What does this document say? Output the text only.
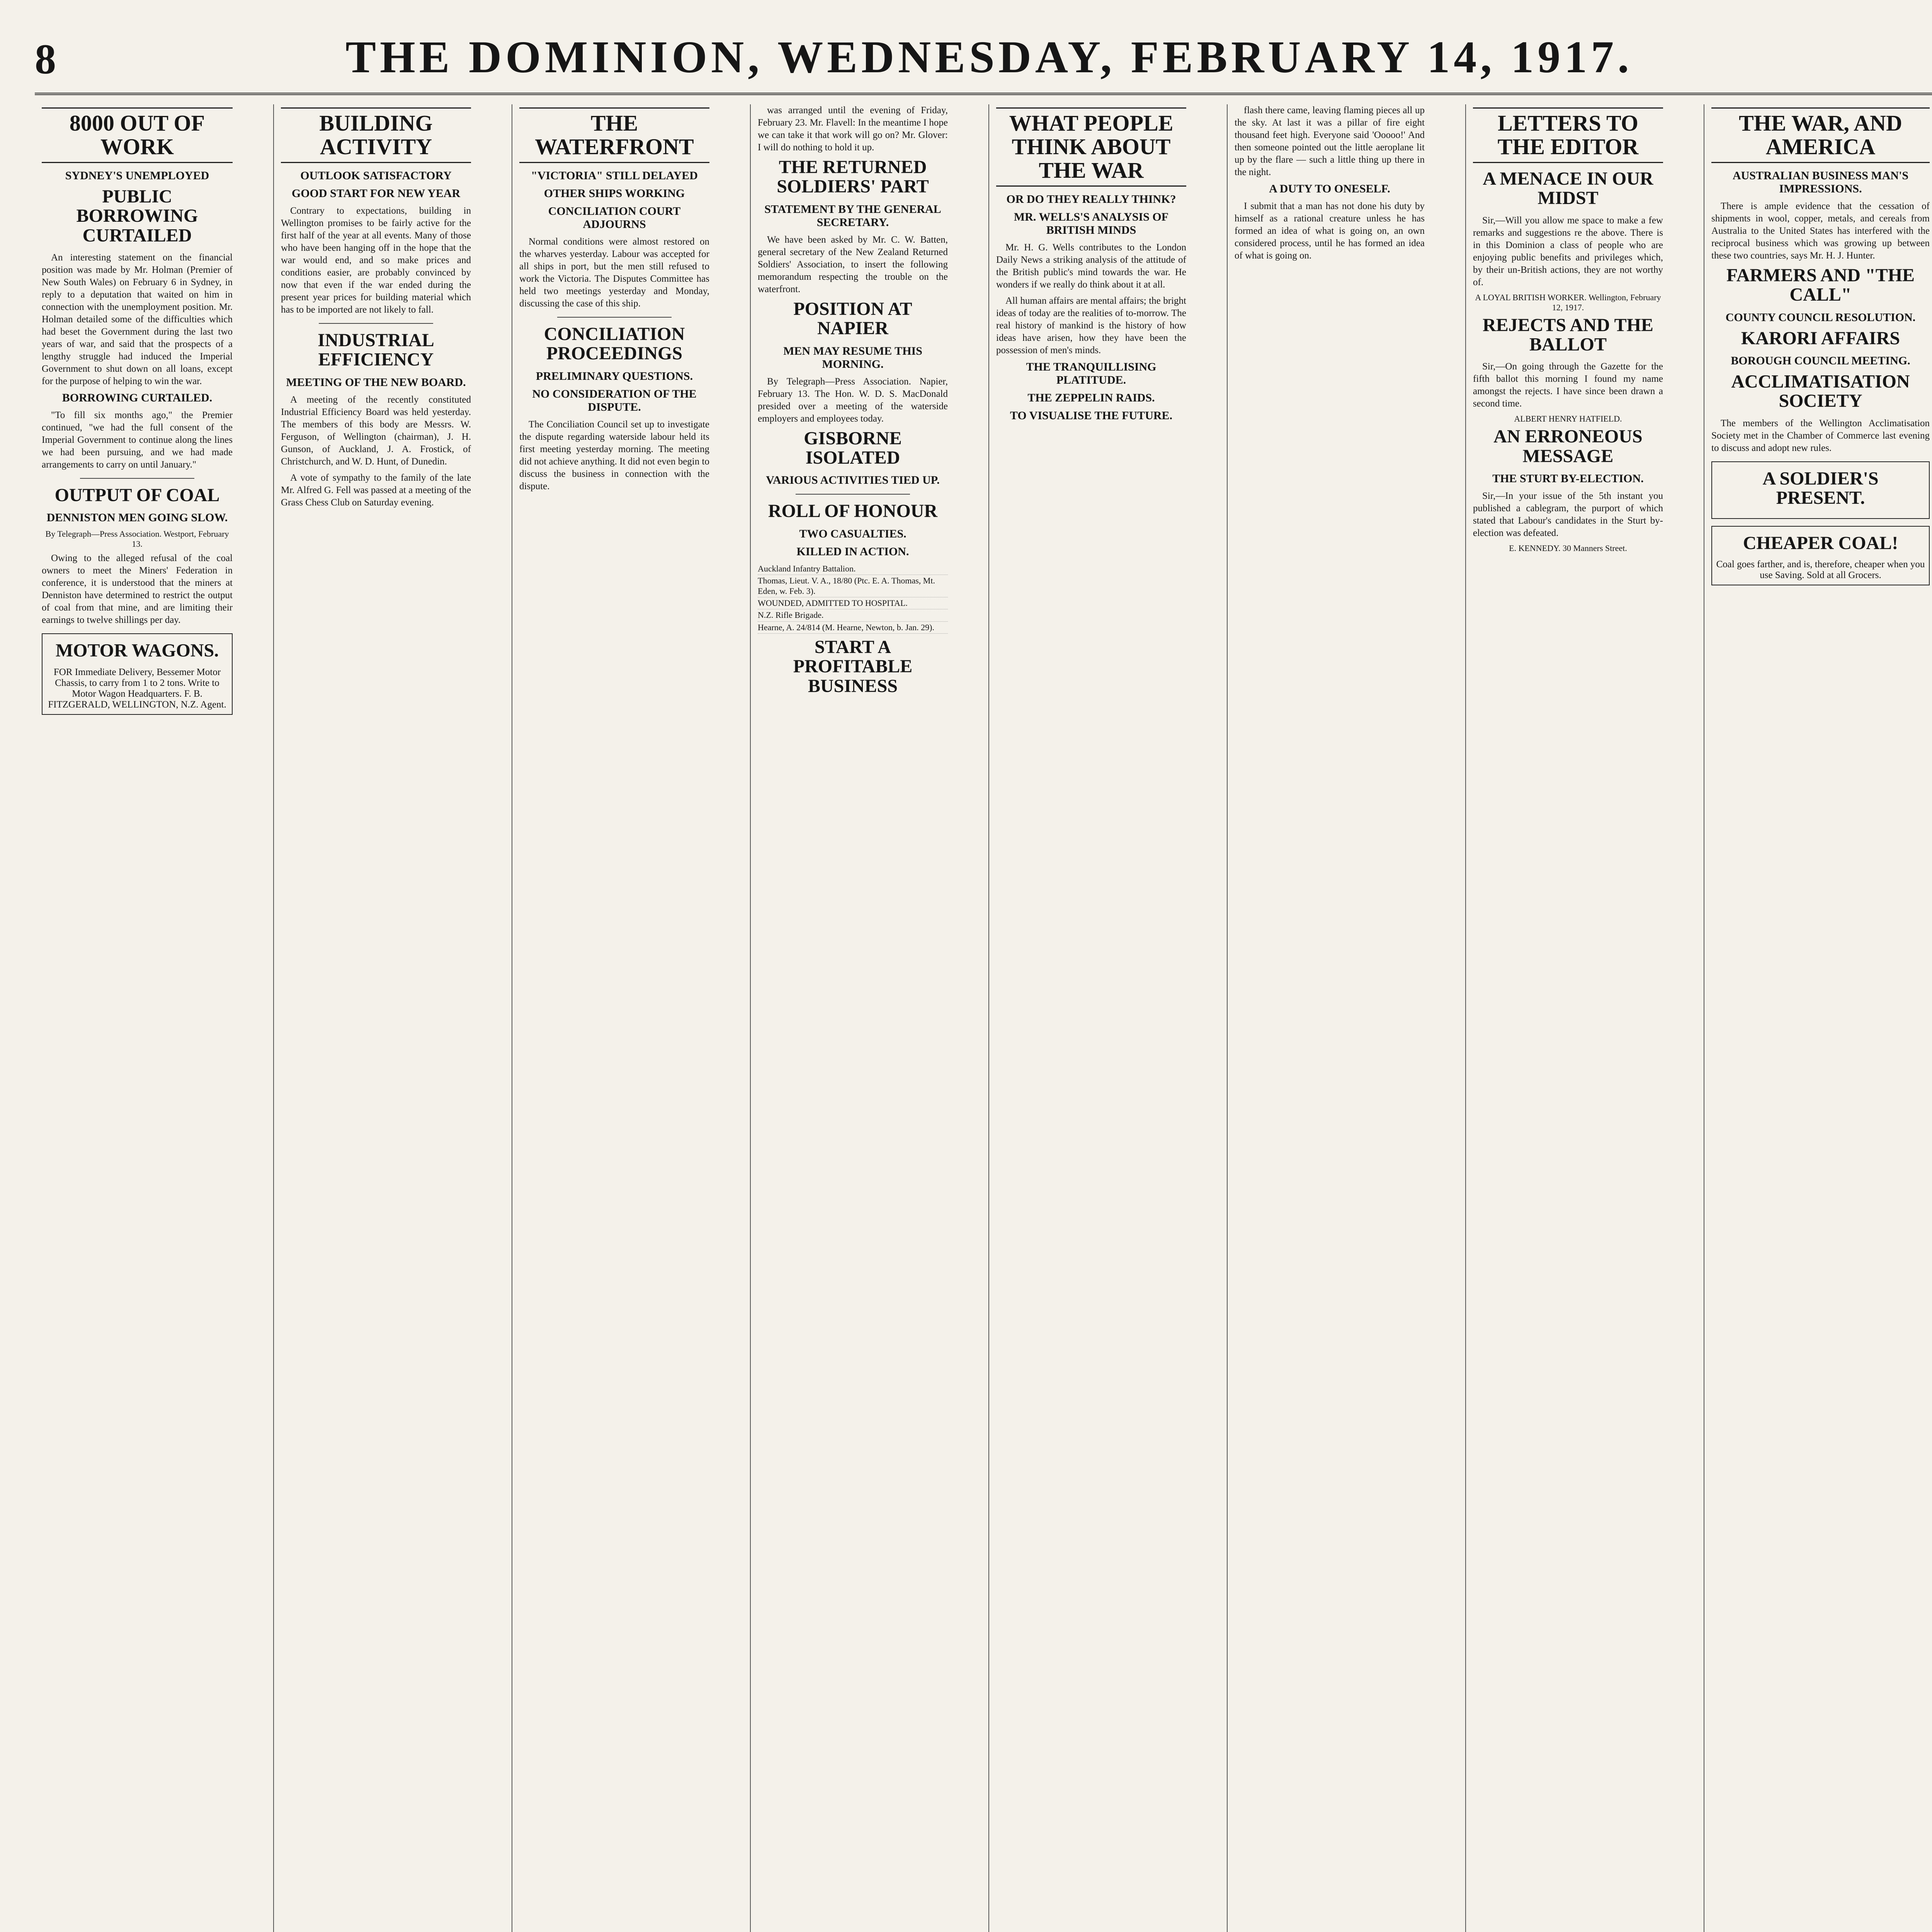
8	THE DOMINION, WEDNESDAY, FEBRUARY 14, 1917.
8000 OUT OF WORK
SYDNEY'S UNEMPLOYED
PUBLIC BORROWING CURTAILED

An interesting statement on the financial position was made by Mr. Holman (Premier of New South Wales) on February 6 in Sydney, in reply to a deputation that waited on him in connection with the unemployment position. Mr. Holman detailed some of the difficulties which had beset the Government during the last two years of war, and said that the prospects of a lengthy struggle had induced the Imperial Government to shut down on all loans, except for the purpose of helping to win the war.

BORROWING CURTAILED.

"To fill six months ago," the Premier continued, "we had the full consent of the Imperial Government to continue along the lines we had been pursuing, and we had made arrangements to carry on until January."

OUTPUT OF COAL
DENNISTON MEN GOING SLOW.
By Telegraph—Press Association. Westport, February 13.

Owing to the alleged refusal of the coal owners to meet the Miners' Federation in conference, it is understood that the miners at Denniston have determined to restrict the output of coal from that mine, and are limiting their earnings to twelve shillings per day.

MOTOR WAGONS.
FOR Immediate Delivery, Bessemer Motor Chassis, to carry from 1 to 2 tons. Write to Motor Wagon Headquarters. F. B. FITZGERALD, WELLINGTON, N.Z. Agent.
BUILDING ACTIVITY
OUTLOOK SATISFACTORY
GOOD START FOR NEW YEAR

Contrary to expectations, building in Wellington promises to be fairly active for the first half of the year at all events. Many of those who have been hanging off in the hope that the war would end, and so make prices and conditions easier, are probably convinced by now that even if the war ended during the present year prices for building material which has to be imported are not likely to fall.

INDUSTRIAL EFFICIENCY
MEETING OF THE NEW BOARD.

A meeting of the recently constituted Industrial Efficiency Board was held yesterday. The members of this body are Messrs. W. Ferguson, of Wellington (chairman), J. H. Gunson, of Auckland, J. A. Frostick, of Christchurch, and W. D. Hunt, of Dunedin.

A vote of sympathy to the family of the late Mr. Alfred G. Fell was passed at a meeting of the Grass Chess Club on Saturday evening.

THE WATERFRONT
"VICTORIA" STILL DELAYED
OTHER SHIPS WORKING
CONCILIATION COURT ADJOURNS

Normal conditions were almost restored on the wharves yesterday. Labour was accepted for all ships in port, but the men still refused to work the Victoria. The Disputes Committee has held two meetings yesterday and Monday, discussing the case of this ship.

CONCILIATION PROCEEDINGS
PRELIMINARY QUESTIONS.
NO CONSIDERATION OF THE DISPUTE.

The Conciliation Council set up to investigate the dispute regarding waterside labour held its first meeting yesterday morning. The meeting did not achieve anything. It did not even begin to discuss the business in connection with the dispute.

was arranged until the evening of Friday, February 23. Mr. Flavell: In the meantime I hope we can take it that work will go on? Mr. Glover: I will do nothing to hold it up.

THE RETURNED SOLDIERS' PART
STATEMENT BY THE GENERAL SECRETARY.

We have been asked by Mr. C. W. Batten, general secretary of the New Zealand Returned Soldiers' Association, to insert the following memorandum respecting the trouble on the waterfront.

POSITION AT NAPIER
MEN MAY RESUME THIS MORNING.

By Telegraph—Press Association. Napier, February 13. The Hon. W. D. S. MacDonald presided over a meeting of the waterside employers and employees today.

GISBORNE ISOLATED
VARIOUS ACTIVITIES TIED UP.
ROLL OF HONOUR
TWO CASUALTIES.
KILLED IN ACTION.
Auckland Infantry Battalion.
Thomas, Lieut. V. A., 18/80 (Ptc. E. A. Thomas, Mt. Eden, w. Feb. 3).
WOUNDED, ADMITTED TO HOSPITAL.
N.Z. Rifle Brigade.
Hearne, A. 24/814 (M. Hearne, Newton, b. Jan. 29).
START A PROFITABLE BUSINESS
WHAT PEOPLE THINK ABOUT THE WAR
OR DO THEY REALLY THINK?
MR. WELLS'S ANALYSIS OF BRITISH MINDS

Mr. H. G. Wells contributes to the London Daily News a striking analysis of the attitude of the British public's mind towards the war. He wonders if we really do think about it at all.

All human affairs are mental affairs; the bright ideas of today are the realities of to-morrow. The real history of mankind is the history of how ideas have arisen, how they have been the possession of men's minds.

THE TRANQUILLISING PLATITUDE.
THE ZEPPELIN RAIDS.
TO VISUALISE THE FUTURE.

flash there came, leaving flaming pieces all up the sky. At last it was a pillar of fire eight thousand feet high. Everyone said 'Ooooo!' And then someone pointed out the little aeroplane lit up by the flare — such a little thing up there in the night.

A DUTY TO ONESELF.

I submit that a man has not done his duty by himself as a rational creature unless he has formed an idea of what is going on, an own considered process, until he has formed an idea of what is going on.

LETTERS TO THE EDITOR
A MENACE IN OUR MIDST

Sir,—Will you allow me space to make a few remarks and suggestions re the above. There is in this Dominion a class of people who are enjoying public benefits and privileges which, by their un-British actions, they are not worthy of.

A LOYAL BRITISH WORKER. Wellington, February 12, 1917.
REJECTS AND THE BALLOT

Sir,—On going through the Gazette for the fifth ballot this morning I found my name amongst the rejects. I have since been drawn a second time.

ALBERT HENRY HATFIELD.
AN ERRONEOUS MESSAGE
THE STURT BY-ELECTION.

Sir,—In your issue of the 5th instant you published a cablegram, the purport of which stated that Labour's candidates in the Sturt by-election was defeated.

E. KENNEDY. 30 Manners Street.
THE WAR, AND AMERICA
AUSTRALIAN BUSINESS MAN'S IMPRESSIONS.

There is ample evidence that the cessation of shipments in wool, copper, metals, and cereals from Australia to the United States has interfered with the reciprocal business which was growing up between these two countries, says Mr. H. J. Hunter.

FARMERS AND "THE CALL"
COUNTY COUNCIL RESOLUTION.
KARORI AFFAIRS
BOROUGH COUNCIL MEETING.
ACCLIMATISATION SOCIETY

The members of the Wellington Acclimatisation Society met in the Chamber of Commerce last evening to discuss and adopt new rules.

A SOLDIER'S PRESENT.
CHEAPER COAL!
Coal goes farther, and is, therefore, cheaper when you use Saving. Sold at all Grocers.
